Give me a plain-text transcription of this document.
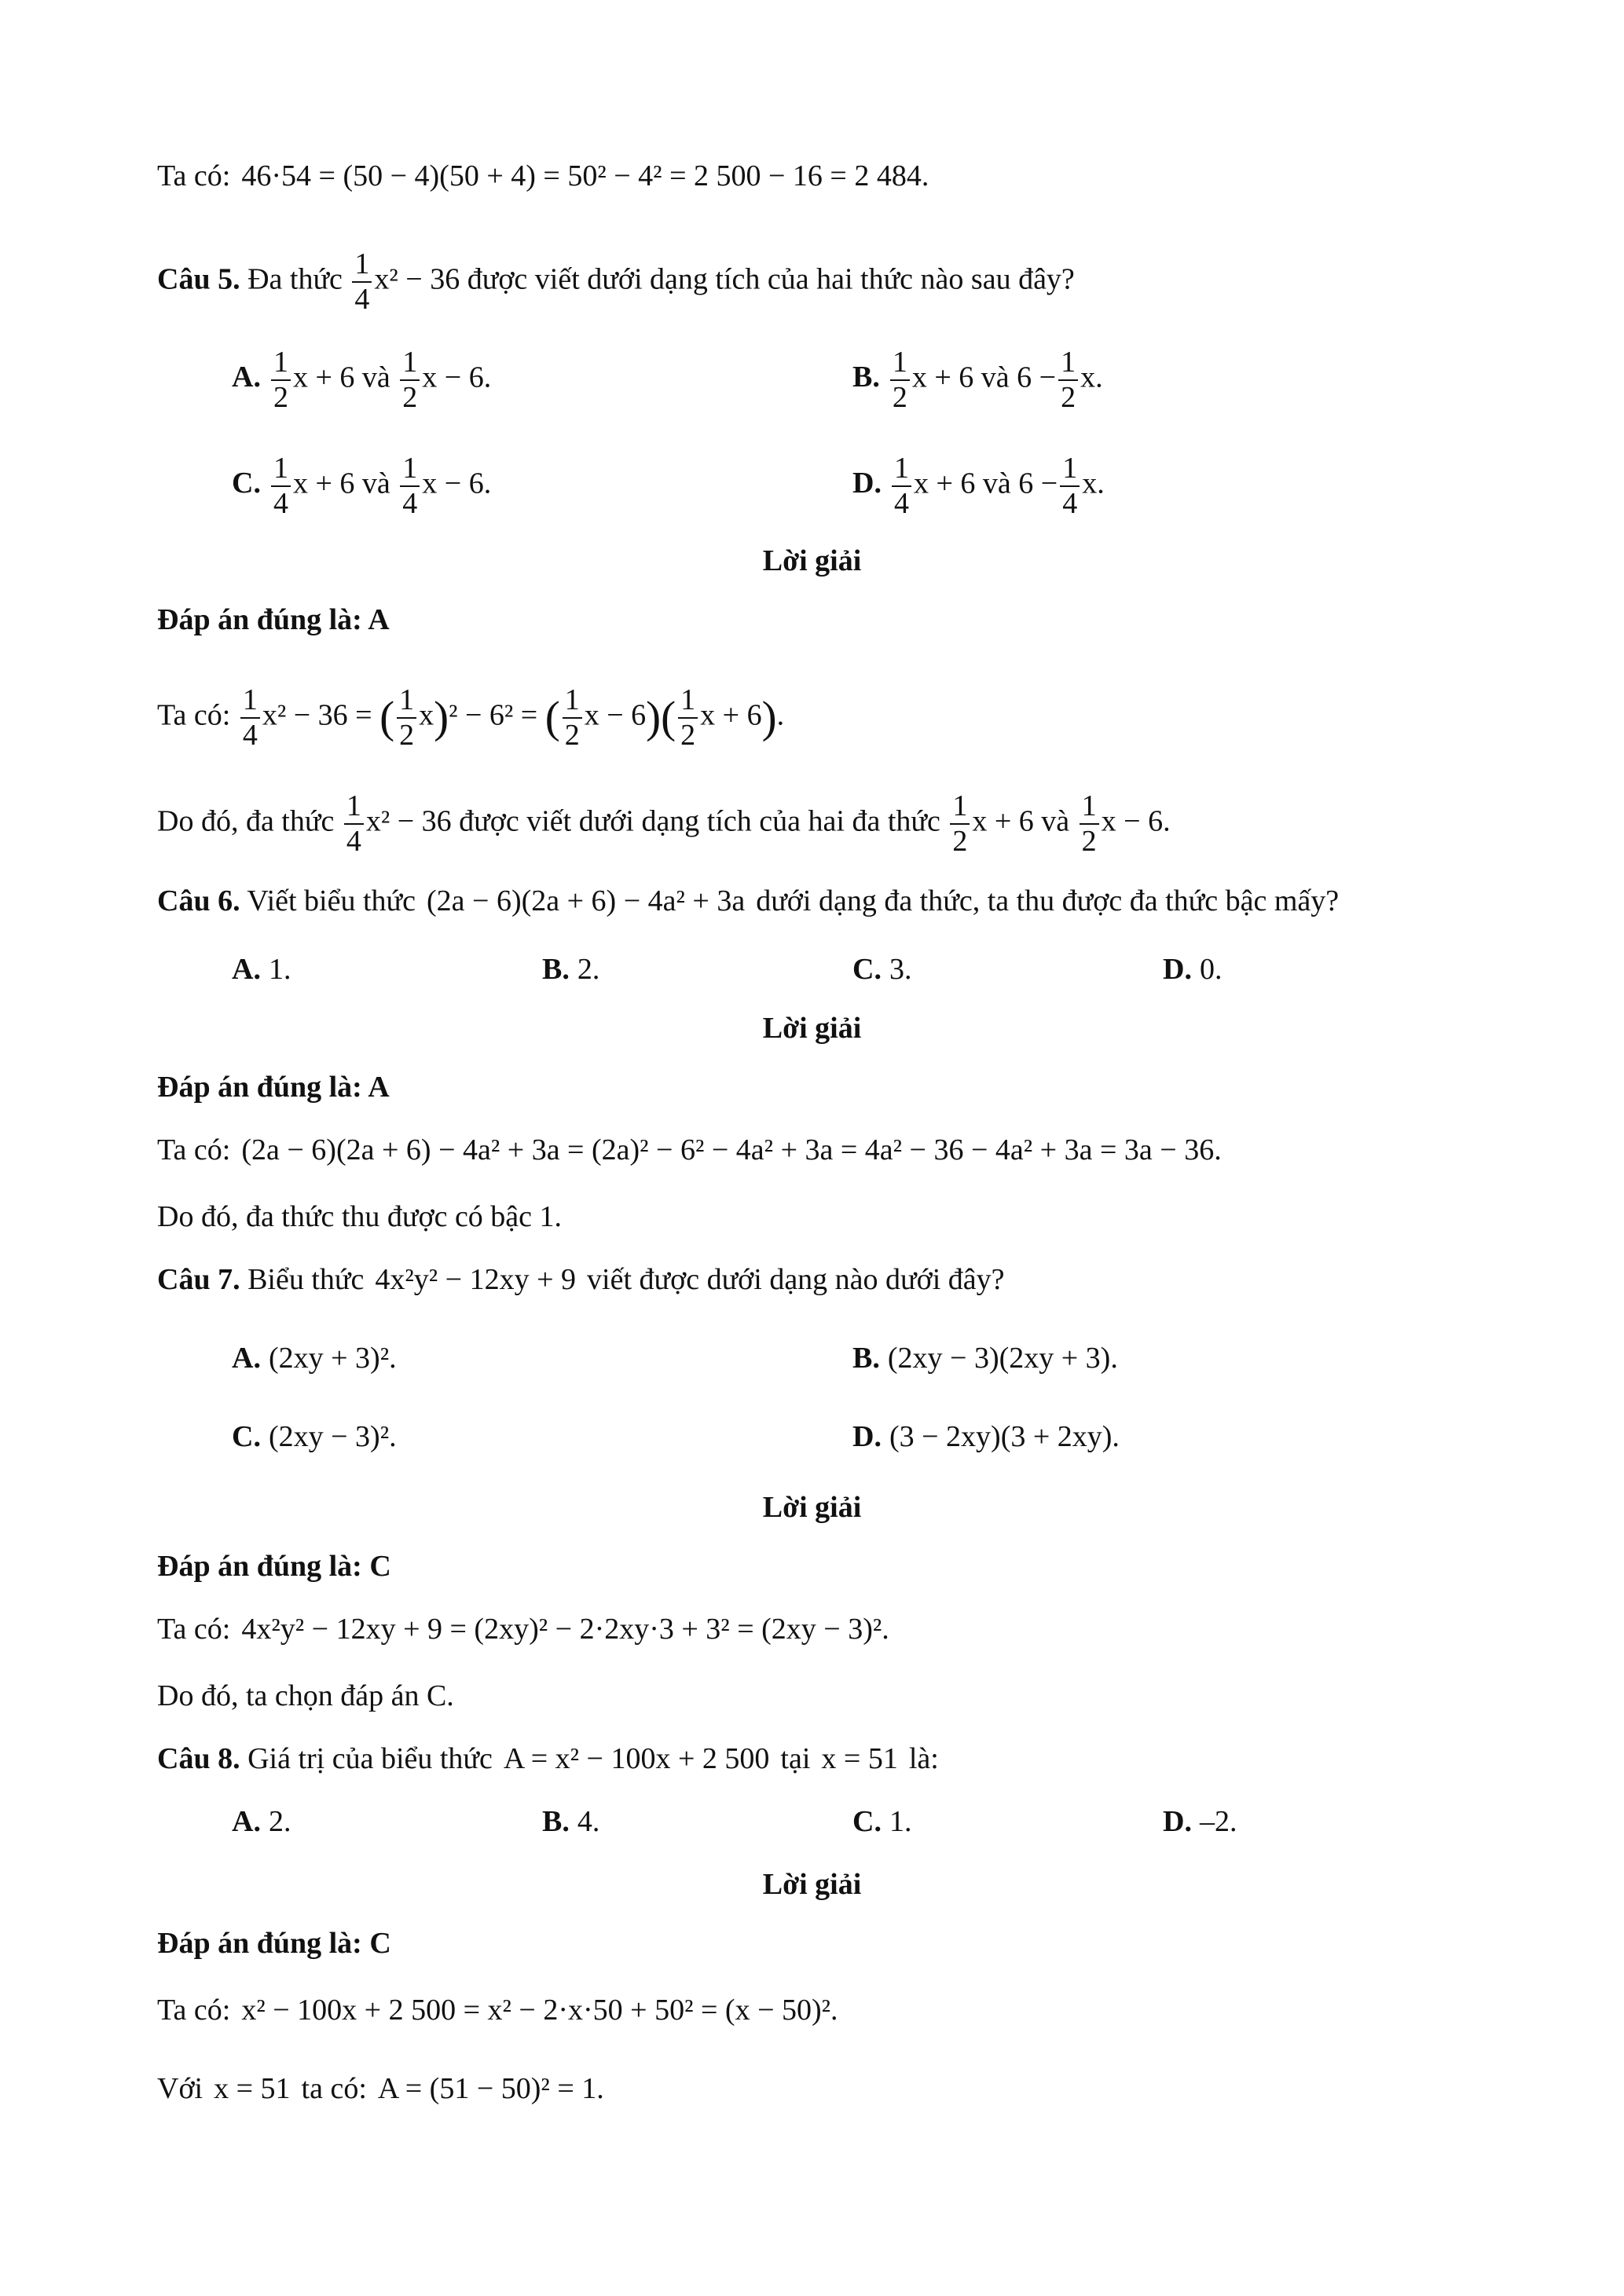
Ta có: 46·54 = (50 − 4)(50 + 4) = 50² − 4² = 2 500 − 16 = 2 484.
Câu 5. Đa thức $\frac{1}{4} x^2 - 36$ được viết dưới dạng tích của hai thức nào sau đây?
A. $\frac{1}{2}$ x + 6 và $\frac{1}{2}$ x − 6.	B. $\frac{1}{2}$ x + 6 và $6 - \frac{1}{2} x$.
C. $\frac{1}{4}$ x + 6 và $\frac{1}{4}$ x − 6.	D. $\frac{1}{4}$ x + 6 và $6 - \frac{1}{4} x$.
Lời giải
Đáp án đúng là: A
Ta có: $\frac{1}{4} x^2 - 36$ = ( $\frac{1}{2} x)^2 - 6^2$ = ( $\frac{1}{2}$ $x - 6)( \frac{1}{2}$ x + 6).
Do đó, đa thức $\frac{1}{4} x^2 - 36$ được viết dưới dạng tích của hai đa thức $\frac{1}{2}$ x + 6 và $\frac{1}{2}$ x − 6.
Câu 6. Viết biểu thức (2a − 6)(2a + 6) − 4a² + 3a dưới dạng đa thức, ta thu được đa thức bậc mấy?
A. 1.	B. 2.	C. 3.	D. 0.
Lời giải
Đáp án đúng là: A
Ta có: (2a − 6)(2a + 6) − 4a² + 3a = (2a)² − 6² − 4a² + 3a = 4a² − 36 − 4a² + 3a = 3a − 36.
Do đó, đa thức thu được có bậc 1.
Câu 7. Biểu thức 4x²y² − 12xy + 9 viết được dưới dạng nào dưới đây?
A. (2xy + 3)².	B. (2xy − 3)(2xy + 3).
C. (2xy − 3)².	D. (3 − 2xy)(3 + 2xy).
Lời giải
Đáp án đúng là: C
Ta có: 4x²y² − 12xy + 9 = (2xy)² − 2·2xy·3 + 3² = (2xy − 3)².
Do đó, ta chọn đáp án C.
Câu 8. Giá trị của biểu thức A = x² − 100x + 2 500 tại x = 51 là:
A. 2.	B. 4.	C. 1.	D. –2.
Lời giải
Đáp án đúng là: C
Ta có: x² − 100x + 2 500 = x² − 2·x·50 + 50² = (x − 50)².
Với x = 51 ta có: A = (51 − 50)² = 1.
